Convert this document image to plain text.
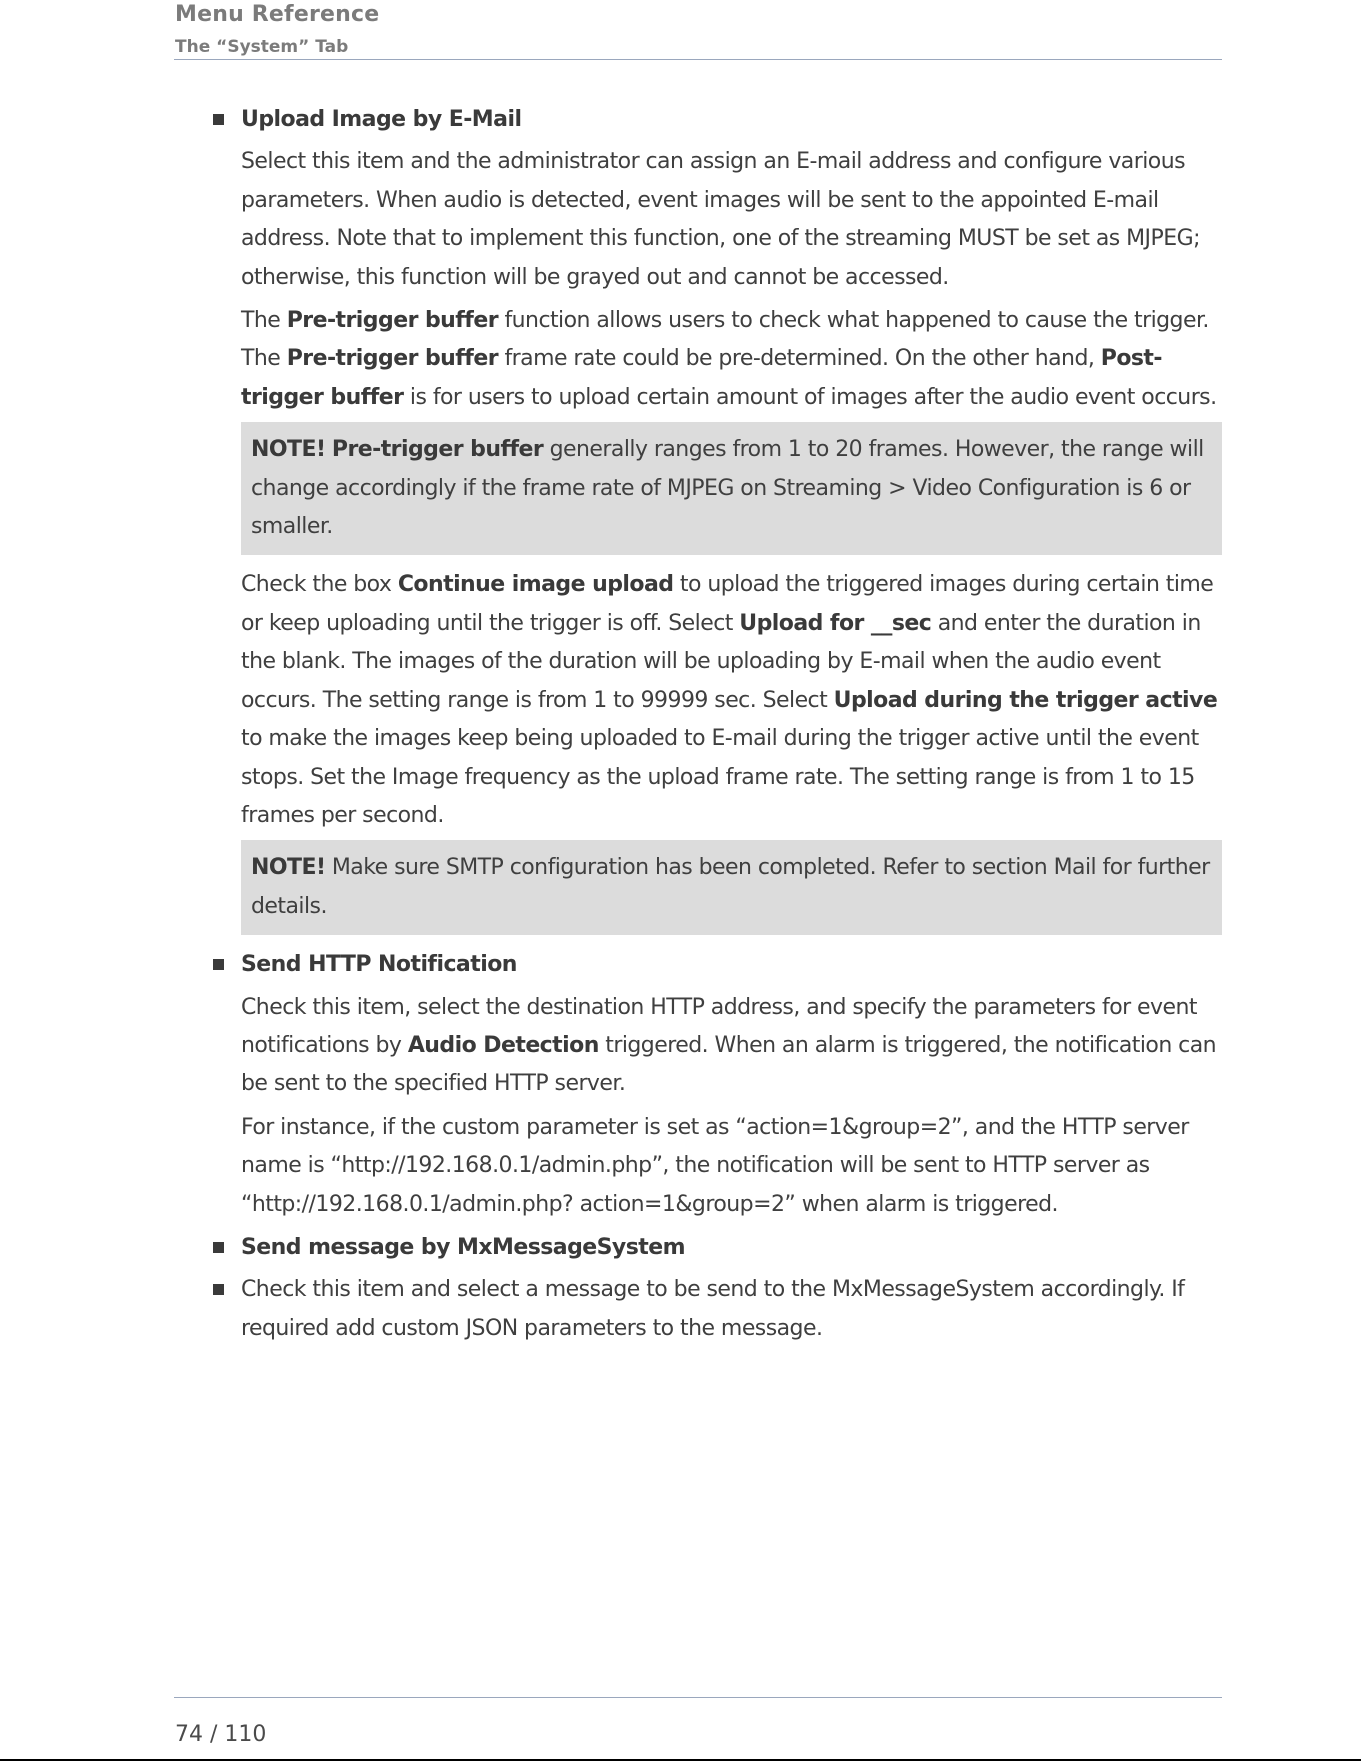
Menu Reference
The “System” Tab
Upload Image by E-Mail

Select this item and the administrator can assign an E-mail address and configure various parameters. When audio is detected, event images will be sent to the appointed E-mail address. Note that to implement this function, one of the streaming MUST be set as MJPEG; otherwise, this function will be grayed out and cannot be accessed.

The Pre-trigger buffer function allows users to check what happened to cause the trigger. The Pre-trigger buffer frame rate could be pre-determined. On the other hand, Post-trigger buffer is for users to upload certain amount of images after the audio event occurs.

NOTE! Pre-trigger buffer generally ranges from 1 to 20 frames. However, the range will change accordingly if the frame rate of MJPEG on Streaming > Video Configuration is 6 or smaller.

Check the box Continue image upload to upload the triggered images during certain time or keep uploading until the trigger is off. Select Upload for __sec and enter the duration in the blank. The images of the duration will be uploading by E-mail when the audio event occurs. The setting range is from 1 to 99999 sec. Select Upload during the trigger active to make the images keep being uploaded to E-mail during the trigger active until the event stops. Set the Image frequency as the upload frame rate. The setting range is from 1 to 15 frames per second.

NOTE! Make sure SMTP configuration has been completed. Refer to section Mail for further details.
Send HTTP Notification

Check this item, select the destination HTTP address, and specify the parameters for event notifications by Audio Detection triggered. When an alarm is triggered, the notification can be sent to the specified HTTP server.

For instance, if the custom parameter is set as “action=1&group=2”, and the HTTP server name is “http://192.168.0.1/admin.php”, the notification will be sent to HTTP server as “http://192.168.0.1/admin.php? action=1&group=2” when alarm is triggered.

Send message by MxMessageSystem
Check this item and select a message to be send to the MxMessageSystem accordingly. If required add custom JSON parameters to the message.
74 / 110
